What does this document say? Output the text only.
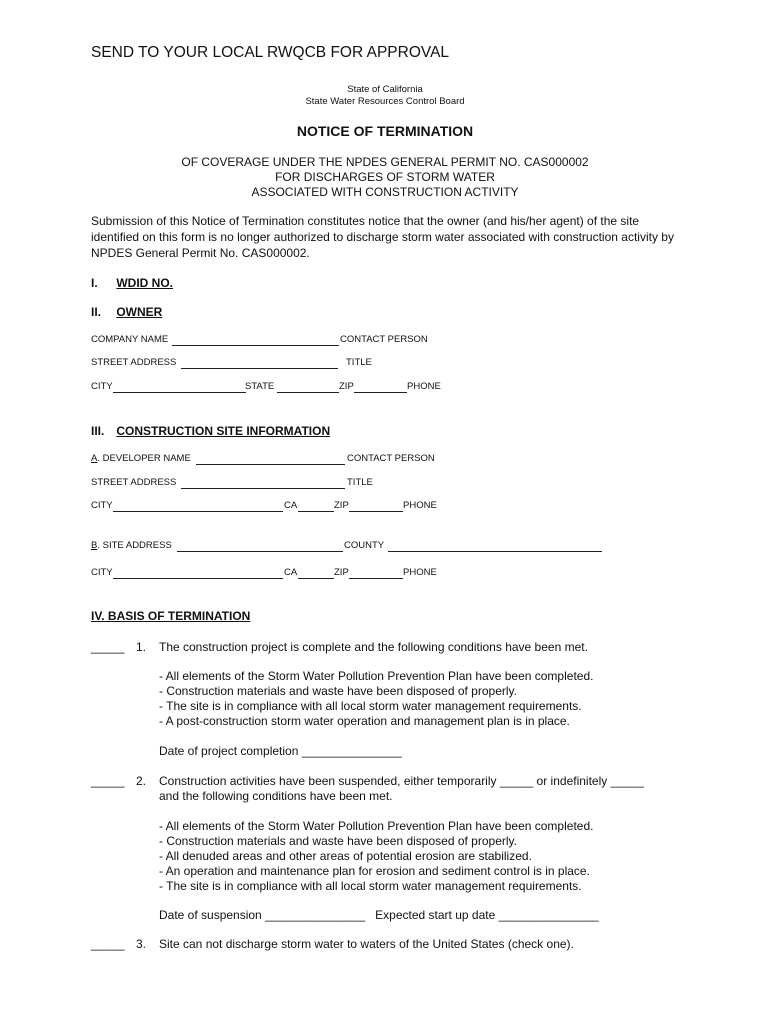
SEND TO YOUR LOCAL RWQCB FOR APPROVAL
State of California
State Water Resources Control Board
NOTICE OF TERMINATION
OF COVERAGE UNDER THE NPDES GENERAL PERMIT NO. CAS000002
FOR DISCHARGES OF STORM WATER
ASSOCIATED WITH CONSTRUCTION ACTIVITY
Submission of this Notice of Termination constitutes notice that the owner (and his/her agent) of the site identified on this form is no longer authorized to discharge storm water associated with construction activity by NPDES General Permit No. CAS000002.
I. WDID NO.
II. OWNER
COMPANY NAME	CONTACT PERSON
STREET ADDRESS	TITLE
CITY	STATE	ZIP	PHONE
III. CONSTRUCTION SITE INFORMATION
A. DEVELOPER NAME	CONTACT PERSON
STREET ADDRESS	TITLE
CITY	CA	ZIP	PHONE
B. SITE ADDRESS	COUNTY
CITY	CA	ZIP	PHONE
IV. BASIS OF TERMINATION
_____ 1. The construction project is complete and the following conditions have been met.
- All elements of the Storm Water Pollution Prevention Plan have been completed.
- Construction materials and waste have been disposed of properly.
- The site is in compliance with all local storm water management requirements.
- A post-construction storm water operation and management plan is in place.
Date of project completion _______________
_____ 2. Construction activities have been suspended, either temporarily _____ or indefinitely _____
and the following conditions have been met.
- All elements of the Storm Water Pollution Prevention Plan have been completed.
- Construction materials and waste have been disposed of properly.
- All denuded areas and other areas of potential erosion are stabilized.
- An operation and maintenance plan for erosion and sediment control is in place.
- The site is in compliance with all local storm water management requirements.
Date of suspension _______________   Expected start up date _______________
_____ 3. Site can not discharge storm water to waters of the United States (check one).
